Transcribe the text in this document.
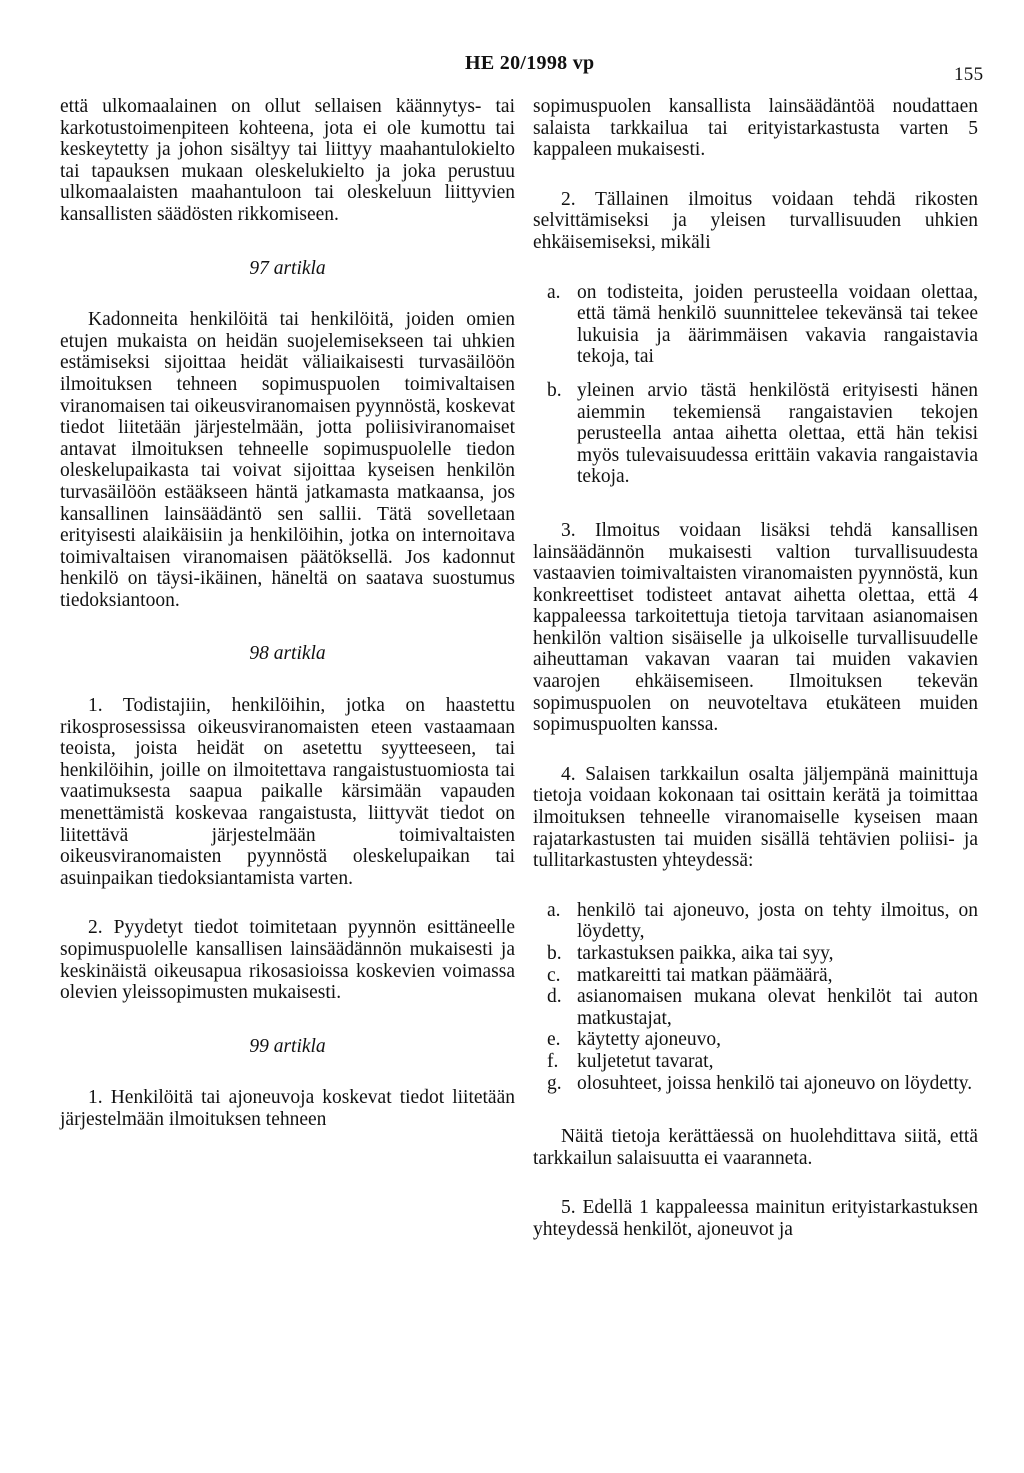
HE 20/1998 vp
155

että ulkomaalainen on ollut sellaisen käännytys- tai karkotustoimenpiteen kohteena, jota ei ole kumottu tai keskeytetty ja johon sisältyy tai liittyy maahantulokielto tai tapauksen mukaan oleskelukielto ja joka perustuu ulkomaalaisten maahantuloon tai oleskeluun liittyvien kansallisten säädösten rikkomiseen.

97 artikla

Kadonneita henkilöitä tai henkilöitä, joiden omien etujen mukaista on heidän suojelemisekseen tai uhkien estämiseksi sijoittaa heidät väliaikaisesti turvasäilöön ilmoituksen tehneen sopimuspuolen toimivaltaisen viranomaisen tai oikeusviranomaisen pyynnöstä, koskevat tiedot liitetään järjestelmään, jotta poliisiviranomaiset antavat ilmoituksen tehneelle sopimuspuolelle tiedon oleskelupaikasta tai voivat sijoittaa kyseisen henkilön turvasäilöön estääkseen häntä jatkamasta matkaansa, jos kansallinen lainsäädäntö sen sallii. Tätä sovelletaan erityisesti alaikäisiin ja henkilöihin, jotka on internoitava toimivaltaisen viranomaisen päätöksellä. Jos kadonnut henkilö on täysi-ikäinen, häneltä on saatava suostumus tiedoksiantoon.

98 artikla

1. Todistajiin, henkilöihin, jotka on haastettu rikosprosessissa oikeusviranomaisten eteen vastaamaan teoista, joista heidät on asetettu syytteeseen, tai henkilöihin, joille on ilmoitettava rangaistustuomiosta tai vaatimuksesta saapua paikalle kärsimään vapauden menettämistä koskevaa rangaistusta, liittyvät tiedot on liitettävä järjestelmään toimivaltaisten oikeusviranomaisten pyynnöstä oleskelupaikan tai asuinpaikan tiedoksiantamista varten.

2. Pyydetyt tiedot toimitetaan pyynnön esittäneelle sopimuspuolelle kansallisen lainsäädännön mukaisesti ja keskinäistä oikeusapua rikosasioissa koskevien voimassa olevien yleissopimusten mukaisesti.

99 artikla

1. Henkilöitä tai ajoneuvoja koskevat tiedot liitetään järjestelmään ilmoituksen tehneen

sopimuspuolen kansallista lainsäädäntöä noudattaen salaista tarkkailua tai erityistarkastusta varten 5 kappaleen mukaisesti.

2. Tällainen ilmoitus voidaan tehdä rikosten selvittämiseksi ja yleisen turvallisuuden uhkien ehkäisemiseksi, mikäli

a. on todisteita, joiden perusteella voidaan olettaa, että tämä henkilö suunnittelee tekevänsä tai tekee lukuisia ja äärimmäisen vakavia rangaistavia tekoja, tai
b. yleinen arvio tästä henkilöstä erityisesti hänen aiemmin tekemiensä rangaistavien tekojen perusteella antaa aihetta olettaa, että hän tekisi myös tulevaisuudessa erittäin vakavia rangaistavia tekoja.

3. Ilmoitus voidaan lisäksi tehdä kansallisen lainsäädännön mukaisesti valtion turvallisuudesta vastaavien toimivaltaisten viranomaisten pyynnöstä, kun konkreettiset todisteet antavat aihetta olettaa, että 4 kappaleessa tarkoitettuja tietoja tarvitaan asianomaisen henkilön valtion sisäiselle ja ulkoiselle turvallisuudelle aiheuttaman vakavan vaaran tai muiden vakavien vaarojen ehkäisemiseen. Ilmoituksen tekevän sopimuspuolen on neuvoteltava etukäteen muiden sopimuspuolten kanssa.

4. Salaisen tarkkailun osalta jäljempänä mainittuja tietoja voidaan kokonaan tai osittain kerätä ja toimittaa ilmoituksen tehneelle viranomaiselle kyseisen maan rajatarkastusten tai muiden sisällä tehtävien poliisi- ja tullitarkastusten yhteydessä:

a. henkilö tai ajoneuvo, josta on tehty ilmoitus, on löydetty,
b. tarkastuksen paikka, aika tai syy,
c. matkareitti tai matkan päämäärä,
d. asianomaisen mukana olevat henkilöt tai auton matkustajat,
e. käytetty ajoneuvo,
f. kuljetetut tavarat,
g. olosuhteet, joissa henkilö tai ajoneuvo on löydetty.

Näitä tietoja kerättäessä on huolehdittava siitä, että tarkkailun salaisuutta ei vaaranneta.

5. Edellä 1 kappaleessa mainitun erityistarkastuksen yhteydessä henkilöt, ajoneuvot ja
